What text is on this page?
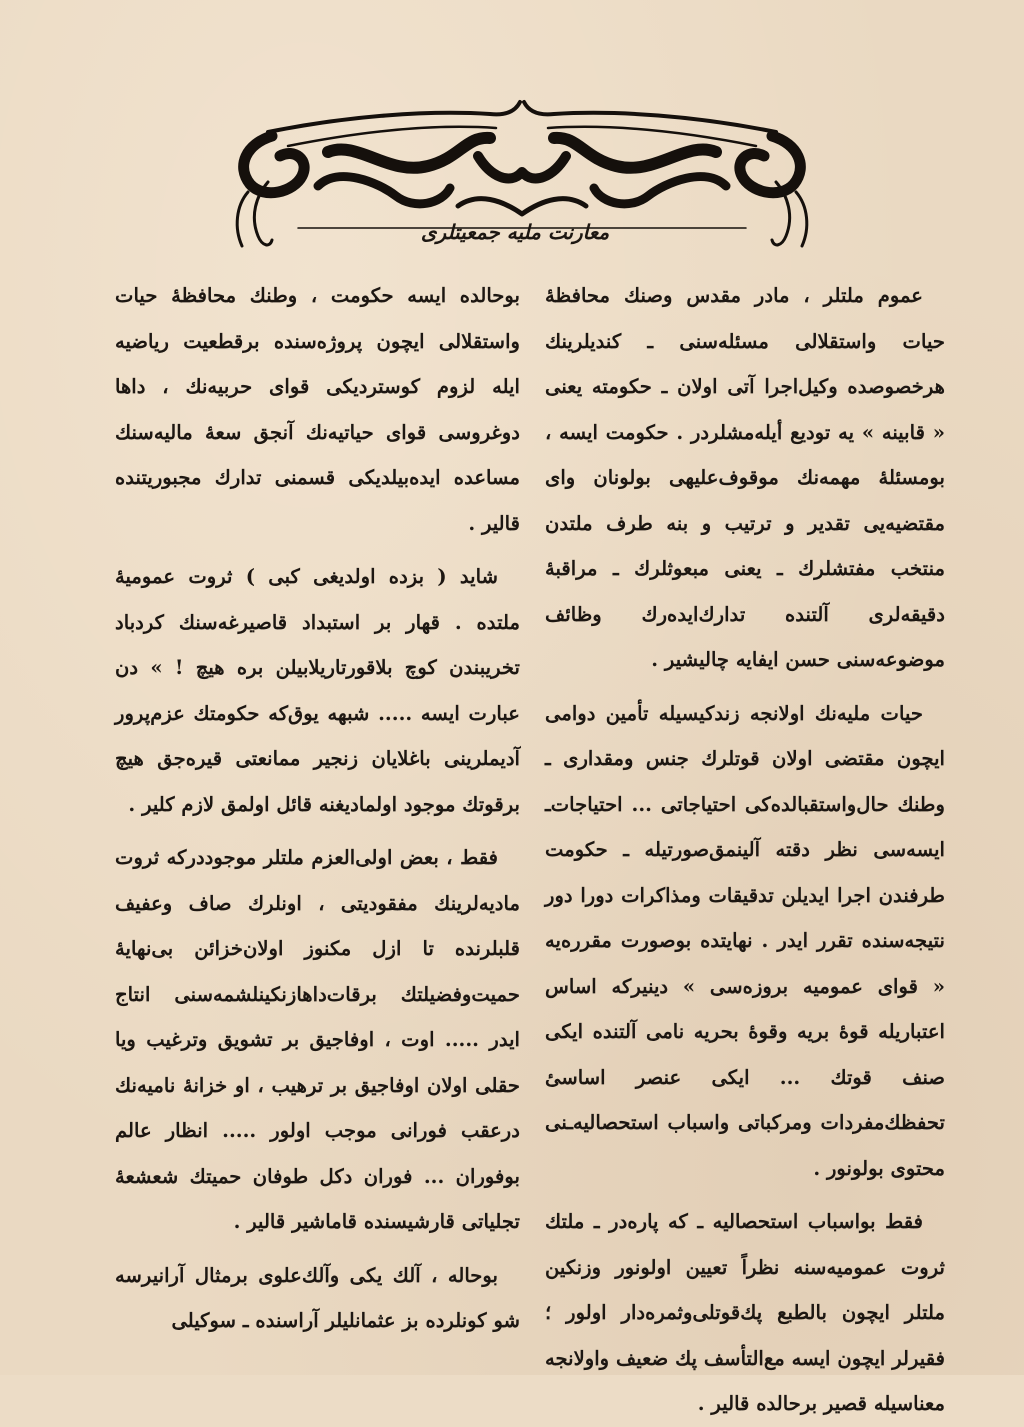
معارنت ملیه جمعیتلری

عموم ملتلر ، مادر مقدس وصنك محافظهٔ حیات واستقلالی مسئله‌سنی ـ کندیلرینك هرخصوصده وکیل‌اجرا آتی اولان ـ حکومته یعنی « قابینه » یه تودیع أیله‌مشلردر . حکومت ایسه ، بومسئلهٔ مهمه‌نك موقوف‌علیهی بولونان وای مقتضیه‌یی تقدیر و ترتیب و بنه طرف ملتدن منتخب مفتشلرك ـ یعنی مبعوثلرك ـ مراقبهٔ دقیقه‌لری آلتنده تدارك‌ایده‌رك وظائف موضوعه‌سنی حسن ایفایه چالیشیر .

حیات ملیه‌نك اولانجه زندکیسیله تأمین دوامی ایچون مقتضی اولان قوتلرك جنس ومقداری ـ وطنك حال‌واستقبالده‌کی احتیاجاتی ... احتیاجات‌ـ ایسه‌سی نظر دقته آلینمق‌صورتیله ـ حکومت طرفندن اجرا ایدیلن تدقیقات ومذاکرات دورا دور نتیجه‌سنده تقرر ایدر . نهایتده بوصورت مقرره‌یه « قوای عمومیه بروزه‌سی » دینیرکه اساس اعتباریله قوهٔ بریه وقوهٔ بحریه نامی آلتنده ایکی صنف قوتك ... ایکی عنصر اساسیٔ تحفظك‌مفردات ومرکباتی واسباب استحصالیه‌ـنی محتوی بولونور .

فقط بواسباب استحصالیه ـ که پاره‌در ـ ملتك ثروت عمومیه‌سنه نظراً تعیین اولونور وزنکین ملتلر ایچون بالطبع پك‌قوتلی‌وثمره‌دار اولور ؛ فقیرلر ایچون ایسه مع‌التأسف پك ضعیف واولانجه معناسیله قصیر برحالده قالیر .

بوحالده ایسه حکومت ، وطنك محافظهٔ حیات واستقلالی ایچون پروژه‌سنده برقطعیت ریاضیه ایله لزوم کوستردیکی قوای حربیه‌نك ، داها دوغروسی قوای حیاتیه‌نك آنجق سعهٔ مالیه‌سنك مساعده ایده‌بیلدیکی قسمنی تدارك مجبوریتنده قالیر .

شاید ( بزده اولدیغی کبی ) ثروت عمومیهٔ ملتده . قهار بر استبداد قاصیرغه‌سنك کردباد تخریبندن کوچ بلاقورتاریلابیلن بره هیچ ! » دن عبارت ایسه ..... شبهه یوق‌که حکومتك عزم‌پرور آدیملرینی باغلایان زنجیر ممانعتی قیره‌جق هیچ برقوتك موجود اولمادیغنه قائل اولمق لازم کلیر .

فقط ، بعض اولی‌العزم ملتلر موجوددرکه ثروت مادیه‌لرینك مفقودیتی ، اونلرك صاف وعفیف قلبلرنده تا ازل مکنوز اولان‌خزائن بی‌نهایهٔ حمیت‌وفضیلتك برقات‌داها‌زنکینلشمه‌سنی انتاج ایدر ..... اوت ، اوفاجیق بر تشویق وترغیب ویا حقلی اولان اوفاجیق بر ترهیب ، او خزانهٔ نامیه‌نك درعقب فورانی موجب اولور ..... انظار عالم بوفوران ... فوران دکل طوفان حمیتك شعشعهٔ تجلیاتی قارشیسنده قاماشیر قالیر .

بوحاله ، آلك یکی وآلك‌علوی برمثال آرانیرسه شو کونلرده بز عثمانلیلر آراسنده ـ سوکیلی
